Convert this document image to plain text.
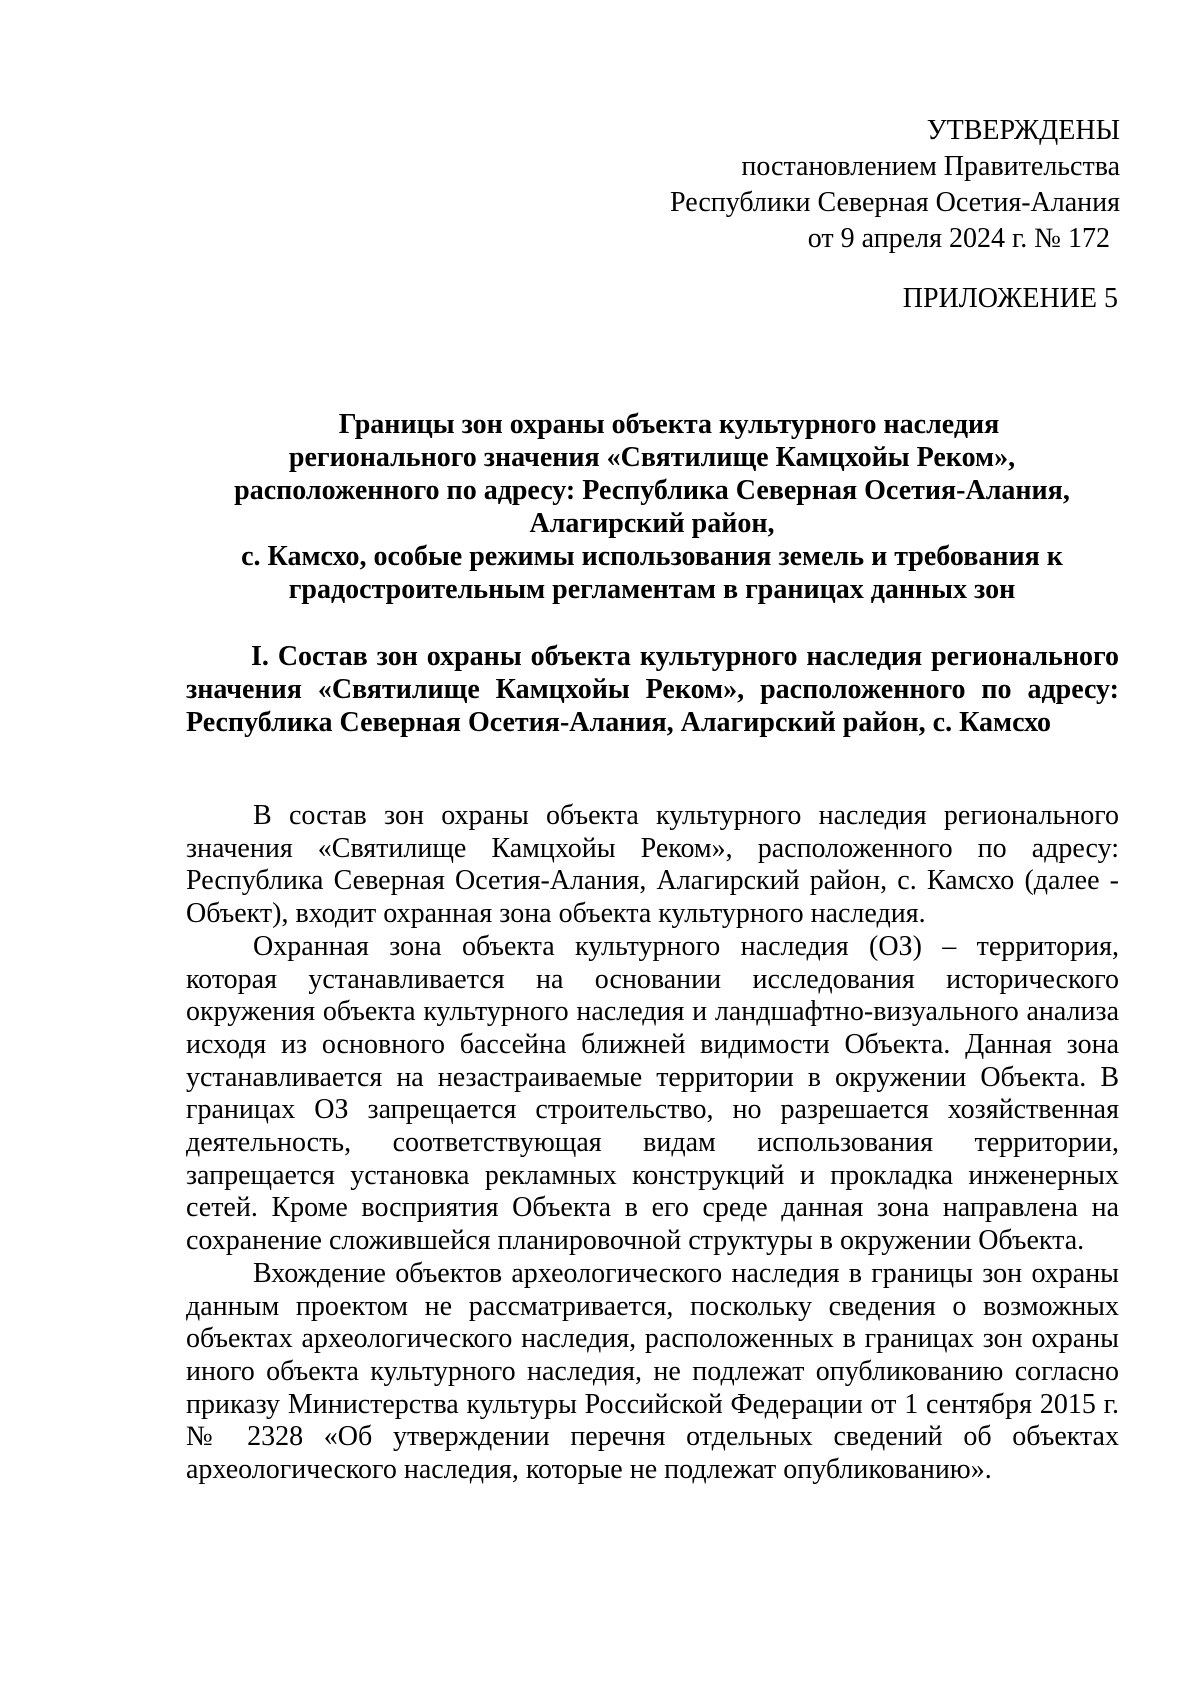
УТВЕРЖДЕНЫ
постановлением Правительства
Республики Северная Осетия-Алания
от 9 апреля 2024 г. № 172
ПРИЛОЖЕНИЕ 5
Границы зон охраны объекта культурного наследия
регионального значения «Святилище Камцхойы Реком»,
расположенного по адресу: Республика Северная Осетия-Алания,
Алагирский район,
с. Камсхо, особые режимы использования земель и требования к
градостроительным регламентам в границах данных зон
I. Состав зон охраны объекта культурного наследия регионального значения «Святилище Камцхойы Реком», расположенного по адресу: Республика Северная Осетия-Алания, Алагирский район, с. Камсхо

В состав зон охраны объекта культурного наследия регионального значения «Святилище Камцхойы Реком», расположенного по адресу: Республика Северная Осетия-Алания, Алагирский район, с. Камсхо (далее - Объект), входит охранная зона объекта культурного наследия.

Охранная зона объекта культурного наследия (ОЗ) – территория, которая устанавливается на основании исследования исторического окружения объекта культурного наследия и ландшафтно-визуального анализа исходя из основного бассейна ближней видимости Объекта. Данная зона устанавливается на незастраиваемые территории в окружении Объекта. В границах ОЗ запрещается строительство, но разрешается хозяйственная деятельность, соответствующая видам использования территории, запрещается установка рекламных конструкций и прокладка инженерных сетей. Кроме восприятия Объекта в его среде данная зона направлена на сохранение сложившейся планировочной структуры в окружении Объекта.

Вхождение объектов археологического наследия в границы зон охраны данным проектом не рассматривается, поскольку сведения о возможных объектах археологического наследия, расположенных в границах зон охраны иного объекта культурного наследия, не подлежат опубликованию согласно приказу Министерства культуры Российской Федерации от 1 сентября 2015 г. № 2328 «Об утверждении перечня отдельных сведений об объектах археологического наследия, которые не подлежат опубликованию».
